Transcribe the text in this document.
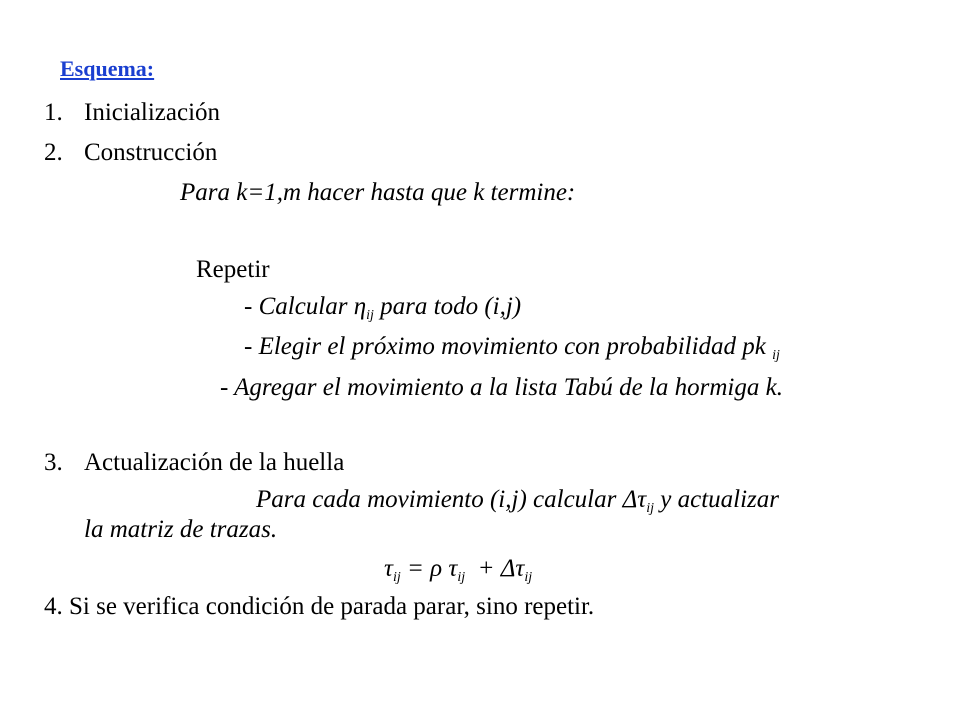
Esquema:
1. Inicialización
2. Construcción
Para k=1,m hacer hasta que k termine:
Repetir
- Calcular $\eta_{ij}$ para todo (i,j)
- Elegir el próximo movimiento con probabilidad pk $_{ij}$
- Agregar el movimiento a la lista Tabú de la hormiga k.
3. Actualización de la huella
Para cada movimiento (i,j) calcular $\Delta\tau_{ij}$ y actualizar
la matriz de trazas.
$\tau_{ij} = \rho$ $\tau_{ij} + \Delta\tau_{ij}$
4. Si se verifica condición de parada parar, sino repetir.
